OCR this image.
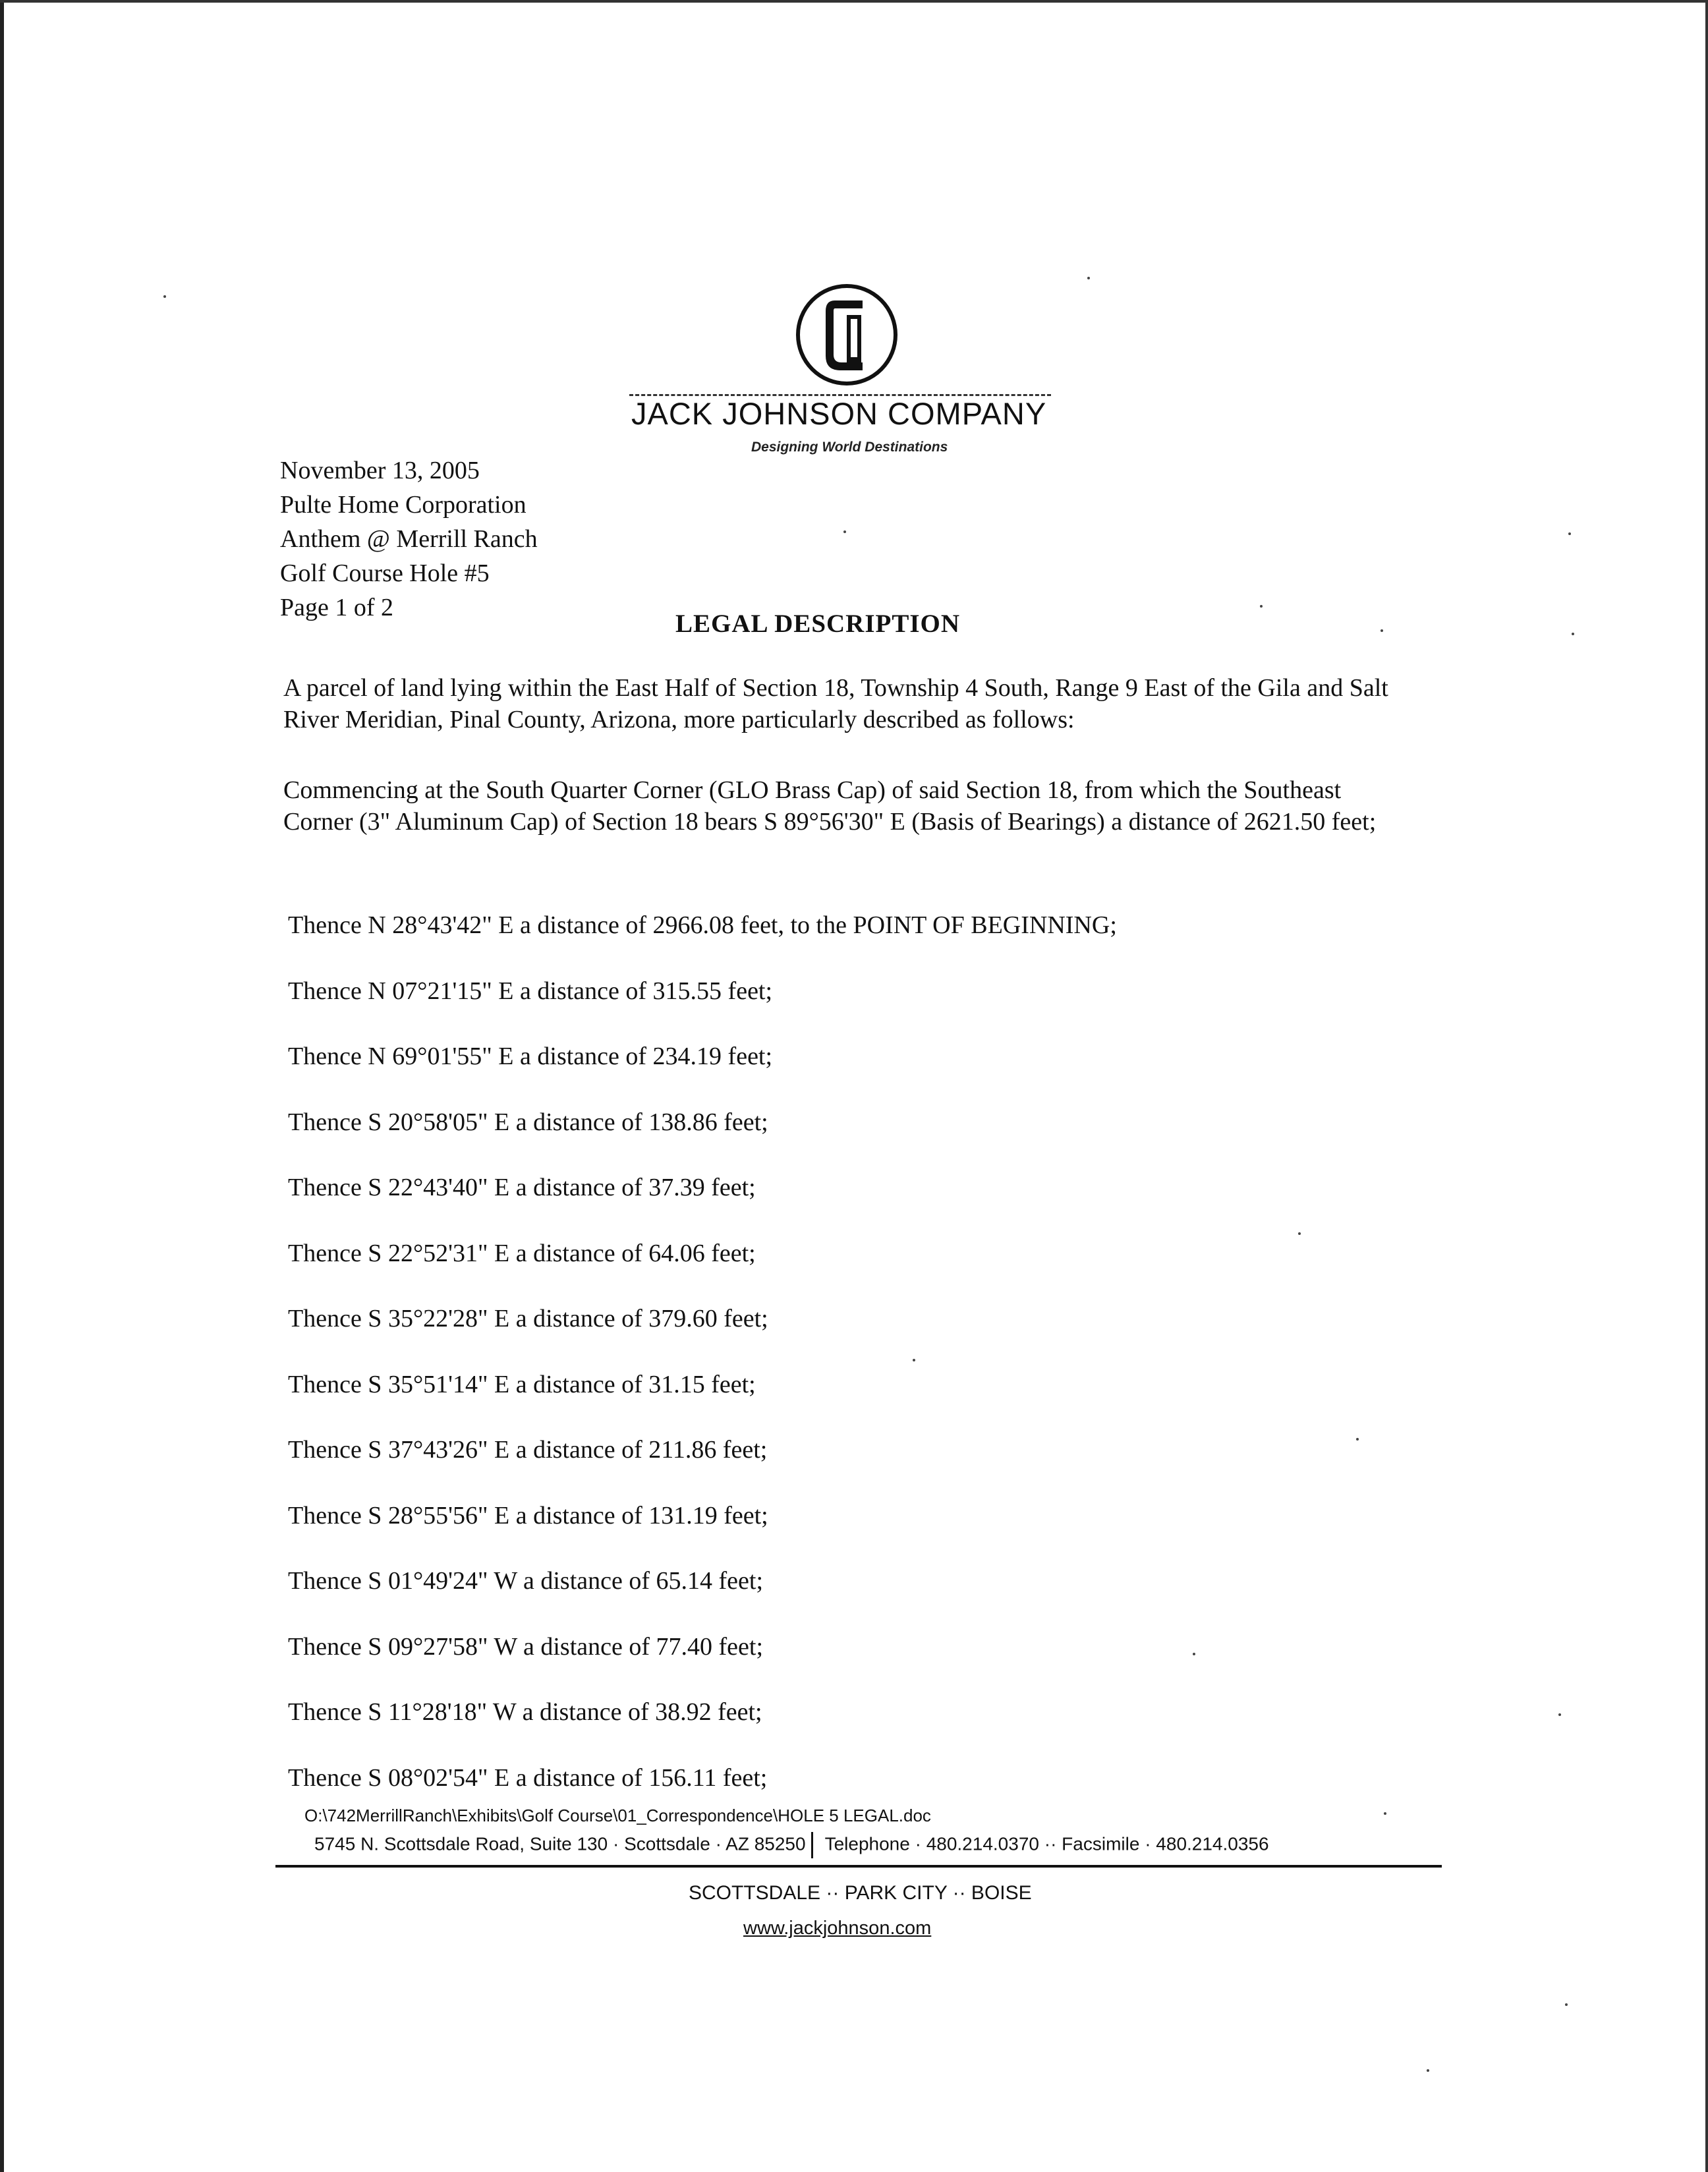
JACK JOHNSON COMPANY
Designing World Destinations
November 13, 2005
Pulte Home Corporation
Anthem @ Merrill Ranch
Golf Course Hole #5
Page 1 of 2
LEGAL DESCRIPTION
A parcel of land lying within the East Half of Section 18, Township 4 South, Range 9 East of the Gila and Salt River Meridian, Pinal County, Arizona, more particularly described as follows:
Commencing at the South Quarter Corner (GLO Brass Cap) of said Section 18, from which the Southeast Corner (3" Aluminum Cap) of Section 18 bears S 89°56'30" E (Basis of Bearings) a distance of 2621.50 feet;
Thence N 28°43'42" E a distance of 2966.08 feet, to the POINT OF BEGINNING;
Thence N 07°21'15" E a distance of 315.55 feet;
Thence N 69°01'55" E a distance of 234.19 feet;
Thence S 20°58'05" E a distance of 138.86 feet;
Thence S 22°43'40" E a distance of 37.39 feet;
Thence S 22°52'31" E a distance of 64.06 feet;
Thence S 35°22'28" E a distance of 379.60 feet;
Thence S 35°51'14" E a distance of 31.15 feet;
Thence S 37°43'26" E a distance of 211.86 feet;
Thence S 28°55'56" E a distance of 131.19 feet;
Thence S 01°49'24" W a distance of 65.14 feet;
Thence S 09°27'58" W a distance of 77.40 feet;
Thence S 11°28'18" W a distance of 38.92 feet;
Thence S 08°02'54" E a distance of 156.11 feet;
O:\742MerrillRanch\Exhibits\Golf Course\01_Correspondence\HOLE 5 LEGAL.doc
5745 N. Scottsdale Road, Suite 130 · Scottsdale · AZ 85250 Telephone · 480.214.0370 ·· Facsimile · 480.214.0356
SCOTTSDALE ·· PARK CITY ·· BOISE
www.jackjohnson.com
